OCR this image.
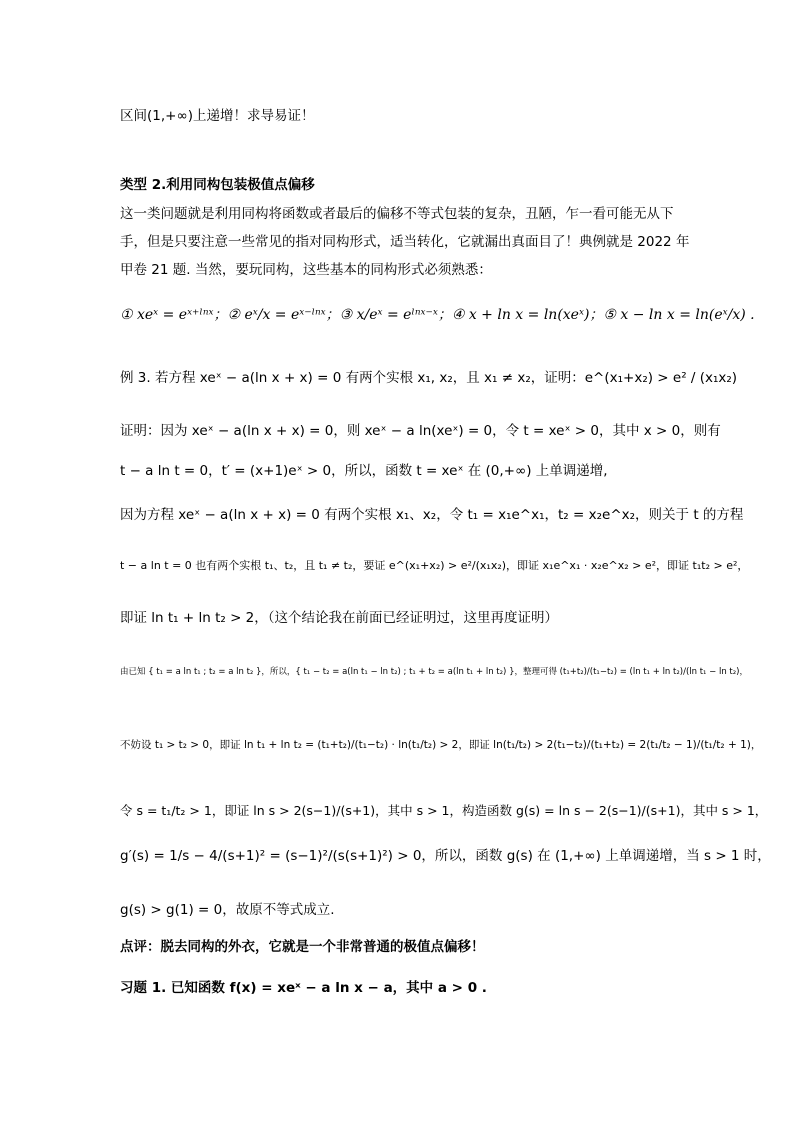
区间(1,+∞)上递增！求导易证！
类型 2.利用同构包装极值点偏移
这一类问题就是利用同构将函数或者最后的偏移不等式包装的复杂，丑陋，乍一看可能无从下手，但是只要注意一些常见的指对同构形式，适当转化，它就漏出真面目了！典例就是 2022 年甲卷 21 题. 当然，要玩同构，这些基本的同构形式必须熟悉：
① xeˣ = eˣ⁺ˡⁿˣ；② eˣ/x = eˣ⁻ˡⁿˣ；③ x/eˣ = eˡⁿˣ⁻ˣ；④ x + ln x = ln(xeˣ)；⑤ x − ln x = ln(eˣ/x) .
例 3. 若方程 xeˣ − a(ln x + x) = 0 有两个实根 x₁, x₂，且 x₁ ≠ x₂，证明：e^(x₁+x₂) > e² / (x₁x₂)
证明：因为 xeˣ − a(ln x + x) = 0，则 xeˣ − a ln(xeˣ) = 0，令 t = xeˣ > 0，其中 x > 0，则有
t − a ln t = 0，t′ = (x+1)eˣ > 0，所以，函数 t = xeˣ 在 (0,+∞) 上单调递增,
因为方程 xeˣ − a(ln x + x) = 0 有两个实根 x₁、x₂，令 t₁ = x₁e^x₁，t₂ = x₂e^x₂，则关于 t 的方程
t − a ln t = 0 也有两个实根 t₁、t₂，且 t₁ ≠ t₂，要证 e^(x₁+x₂) > e²/(x₁x₂)，即证 x₁e^x₁ · x₂e^x₂ > e²，即证 t₁t₂ > e²，
即证 ln t₁ + ln t₂ > 2，（这个结论我在前面已经证明过，这里再度证明）
由已知 { t₁ = a ln t₁ ; t₂ = a ln t₂ }，所以，{ t₁ − t₂ = a(ln t₁ − ln t₂) ; t₁ + t₂ = a(ln t₁ + ln t₂) }，整理可得 (t₁+t₂)/(t₁−t₂) = (ln t₁ + ln t₂)/(ln t₁ − ln t₂)，
不妨设 t₁ > t₂ > 0，即证 ln t₁ + ln t₂ = (t₁+t₂)/(t₁−t₂) · ln(t₁/t₂) > 2，即证 ln(t₁/t₂) > 2(t₁−t₂)/(t₁+t₂) = 2(t₁/t₂ − 1)/(t₁/t₂ + 1)，
令 s = t₁/t₂ > 1，即证 ln s > 2(s−1)/(s+1)，其中 s > 1，构造函数 g(s) = ln s − 2(s−1)/(s+1)，其中 s > 1，
g′(s) = 1/s − 4/(s+1)² = (s−1)²/(s(s+1)²) > 0，所以，函数 g(s) 在 (1,+∞) 上单调递增，当 s > 1 时，
g(s) > g(1) = 0，故原不等式成立.
点评：脱去同构的外衣，它就是一个非常普通的极值点偏移！
习题 1. 已知函数 f(x) = xeˣ − a ln x − a，其中 a > 0 .
